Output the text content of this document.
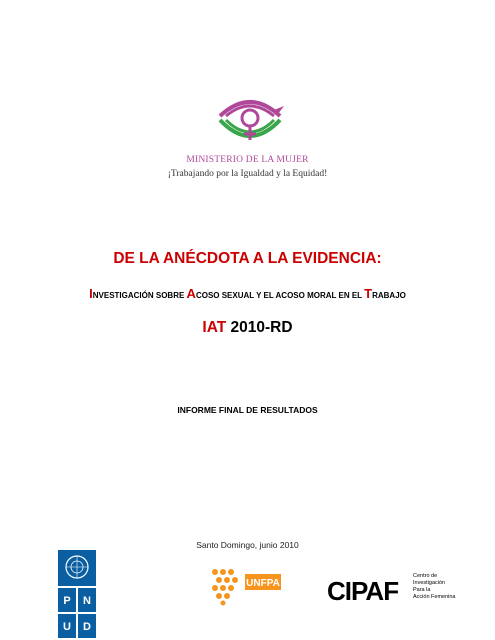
MINISTERIO DE LA MUJER
¡Trabajando por la Igualdad y la Equidad!
DE LA ANÉCDOTA A LA EVIDENCIA:
INVESTIGACIÓN SOBRE ACOSO SEXUAL Y EL ACOSO MORAL EN EL TRABAJO
IAT 2010-RD
INFORME FINAL DE RESULTADOS
Santo Domingo, junio 2010
P N
U D
UNFPA CIPAF	Centro de
Investigación
Para la
Acción Femenina
